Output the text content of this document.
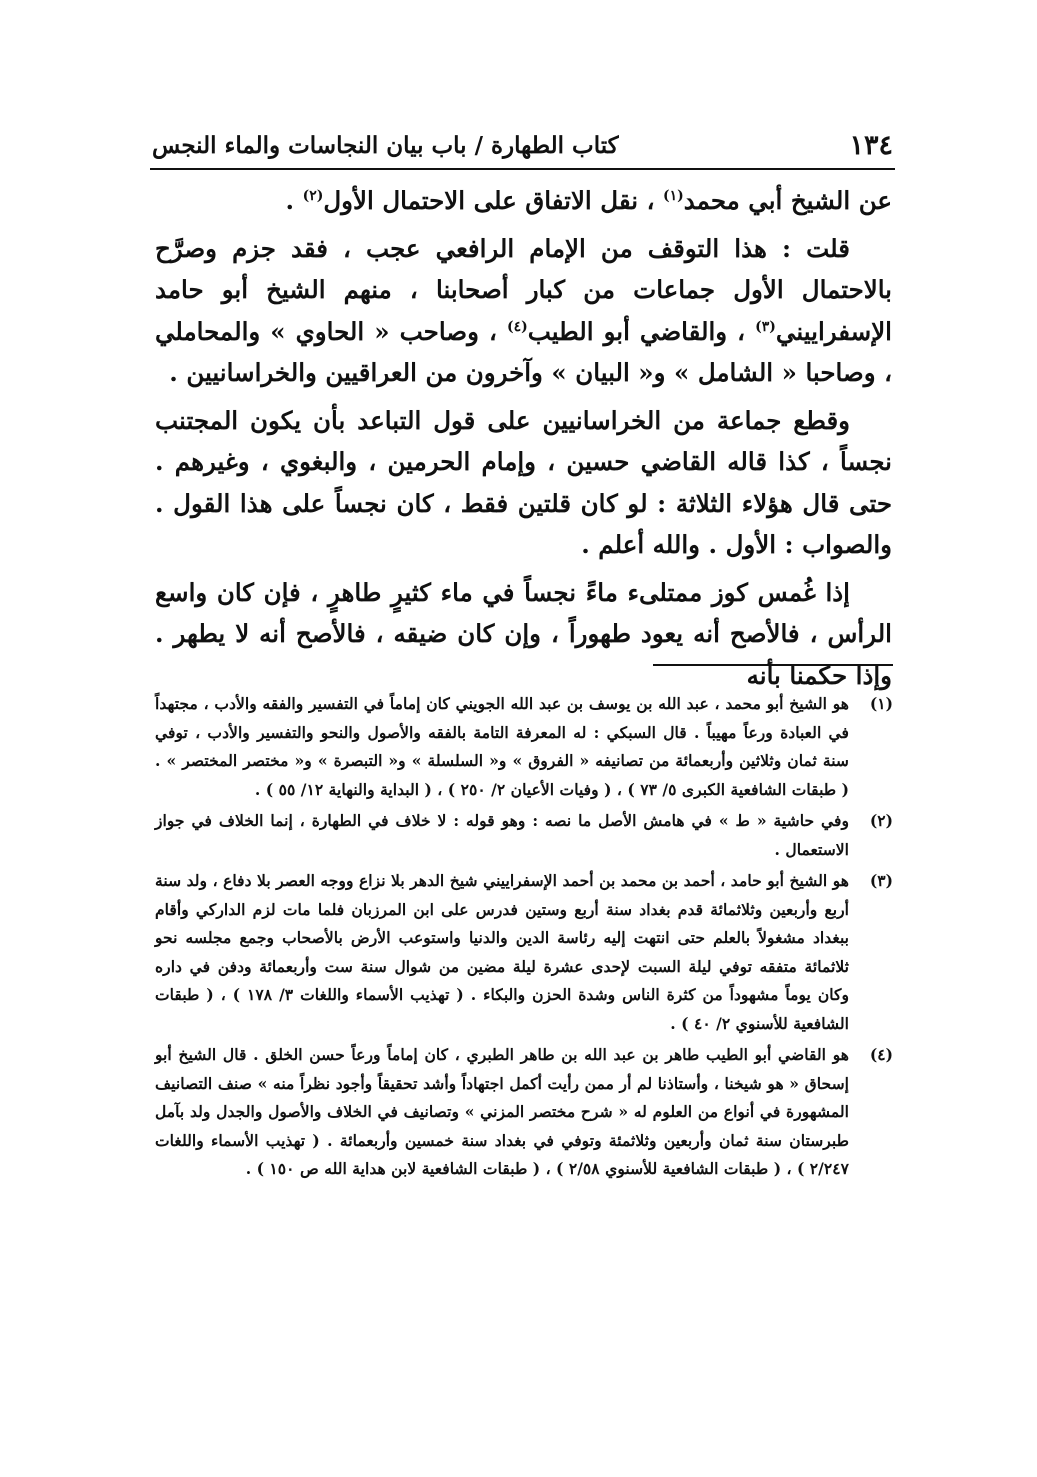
١٣٤
كتاب الطهارة / باب بيان النجاسات والماء النجس

عن الشيخ أبي محمد$^{(١)}$ ، نقل الاتفاق على الاحتمال الأول$^{(٢)}$ .

قلت : هذا التوقف من الإمام الرافعي عجب ، فقد جزم وصرَّح بالاحتمال الأول جماعات من كبار أصحابنا ، منهم الشيخ أبو حامد الإسفراييني$^{(٣)}$ ، والقاضي أبو الطيب$^{(٤)}$ ، وصاحب « الحاوي » والمحاملي ، وصاحبا « الشامل » و« البيان » وآخرون من العراقيين والخراسانيين .

وقطع جماعة من الخراسانيين على قول التباعد بأن يكون المجتنب نجساً ، كذا قاله القاضي حسين ، وإمام الحرمين ، والبغوي ، وغيرهم . حتى قال هؤلاء الثلاثة : لو كان قلتين فقط ، كان نجساً على هذا القول . والصواب : الأول . والله أعلم .

إذا غُمس كوز ممتلىء ماءً نجساً في ماء كثيرٍ طاهرٍ ، فإن كان واسع الرأس ، فالأصح أنه يعود طهوراً ، وإن كان ضيقه ، فالأصح أنه لا يطهر . وإذا حكمنا بأنه

(١)
هو الشيخ أبو محمد ، عبد الله بن يوسف بن عبد الله الجويني كان إماماً في التفسير والفقه والأدب ، مجتهداً في العبادة ورعاً مهيباً . قال السبكي : له المعرفة التامة بالفقه والأصول والنحو والتفسير والأدب ، توفي سنة ثمان وثلاثين وأربعمائة من تصانيفه « الفروق » و« السلسلة » و« التبصرة » و« مختصر المختصر » . ( طبقات الشافعية الكبرى ٥/ ٧٣ ) ، ( وفيات الأعيان ٢/ ٢٥٠ ) ، ( البداية والنهاية ١٢/ ٥٥ ) .
(٢)
وفي حاشية « ط » في هامش الأصل ما نصه : وهو قوله : لا خلاف في الطهارة ، إنما الخلاف في جواز الاستعمال .
(٣)
هو الشيخ أبو حامد ، أحمد بن محمد بن أحمد الإسفراييني شيخ الدهر بلا نزاع ووجه العصر بلا دفاع ، ولد سنة أربع وأربعين وثلاثمائة قدم بغداد سنة أربع وستين فدرس على ابن المرزبان فلما مات لزم الداركي وأقام ببغداد مشغولاً بالعلم حتى انتهت إليه رئاسة الدين والدنيا واستوعب الأرض بالأصحاب وجمع مجلسه نحو ثلاثمائة متفقه توفي ليلة السبت لإحدى عشرة ليلة مضين من شوال سنة ست وأربعمائة ودفن في داره وكان يوماً مشهوداً من كثرة الناس وشدة الحزن والبكاء . ( تهذيب الأسماء واللغات ٣/ ١٧٨ ) ، ( طبقات الشافعية للأسنوي ٢/ ٤٠ ) .
(٤)
هو القاضي أبو الطيب طاهر بن عبد الله بن طاهر الطبري ، كان إماماً ورعاً حسن الخلق . قال الشيخ أبو إسحاق « هو شيخنا ، وأستاذنا لم أر ممن رأيت أكمل اجتهاداً وأشد تحقيقاً وأجود نظراً منه » صنف التصانيف المشهورة في أنواع من العلوم له « شرح مختصر المزني » وتصانيف في الخلاف والأصول والجدل ولد بآمل طبرستان سنة ثمان وأربعين وثلاثمئة وتوفي في بغداد سنة خمسين وأربعمائة . ( تهذيب الأسماء واللغات ٢/٢٤٧ ) ، ( طبقات الشافعية للأسنوي ٢/٥٨ ) ، ( طبقات الشافعية لابن هداية الله ص ١٥٠ ) .
